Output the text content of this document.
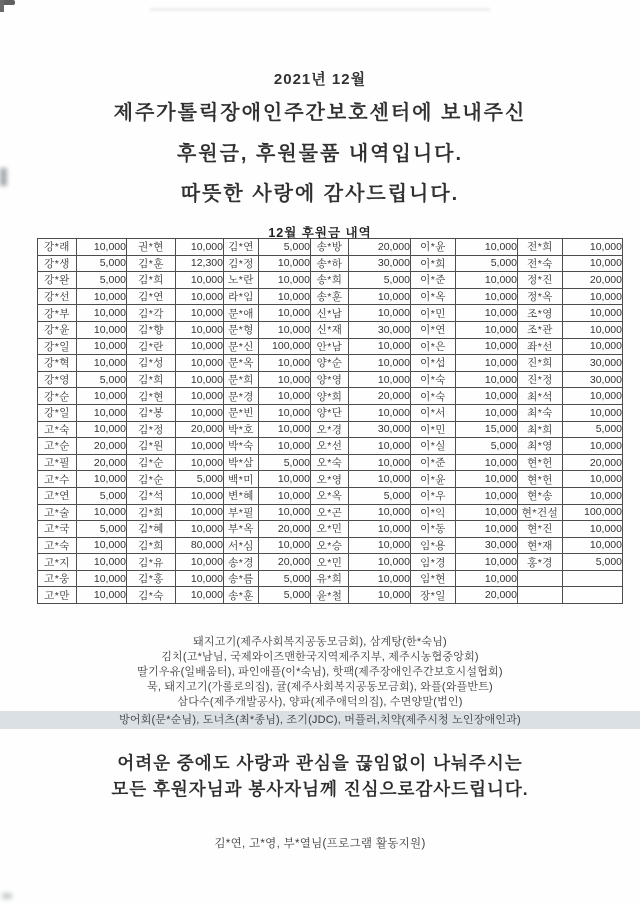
2021년 12월
제주가톨릭장애인주간보호센터에 보내주신
후원금, 후원물품 내역입니다.
따뜻한 사랑에 감사드립니다.
12월 후원금 내역
강*래	10,000	권*현	10,000	김*연	5,000	송*방	20,000	이*윤	10,000	전*희	10,000
강*생	5,000	김*훈	12,300	김*정	10,000	송*하	30,000	이*희	5,000	전*숙	10,000
강*완	5,000	김*희	10,000	노*란	10,000	송*희	5,000	이*준	10,000	정*진	20,000
강*선	10,000	김*연	10,000	라*임	10,000	송*훈	10,000	이*옥	10,000	정*옥	10,000
강*부	10,000	김*각	10,000	문*애	10,000	신*남	10,000	이*민	10,000	조*영	10,000
강*윤	10,000	김*향	10,000	문*형	10,000	신*재	30,000	이*연	10,000	조*관	10,000
강*일	10,000	김*란	10,000	문*신	100,000	안*남	10,000	이*은	10,000	좌*선	10,000
강*혁	10,000	김*성	10,000	문*옥	10,000	양*순	10,000	이*섭	10,000	진*희	30,000
강*영	5,000	김*희	10,000	문*희	10,000	양*영	10,000	이*숙	10,000	진*정	30,000
강*순	10,000	김*현	10,000	문*경	10,000	양*희	20,000	이*숙	10,000	최*석	10,000
강*일	10,000	김*봉	10,000	문*빈	10,000	양*단	10,000	이*서	10,000	최*숙	10,000
고*숙	10,000	김*정	20,000	박*호	10,000	오*경	30,000	이*민	15,000	최*희	5,000
고*순	20,000	김*원	10,000	박*숙	10,000	오*선	10,000	이*실	5,000	최*영	10,000
고*필	20,000	김*순	10,000	박*삼	5,000	오*숙	10,000	이*준	10,000	현*헌	20,000
고*수	10,000	김*순	5,000	백*미	10,000	오*영	10,000	이*윤	10,000	현*헌	10,000
고*연	5,000	김*석	10,000	변*혜	10,000	오*옥	5,000	이*우	10,000	현*송	10,000
고*술	10,000	김*희	10,000	부*필	10,000	오*곤	10,000	이*익	10,000	현*건설	100,000
고*국	5,000	김*혜	10,000	부*옥	20,000	오*민	10,000	이*동	10,000	현*진	10,000
고*숙	10,000	김*희	80,000	서*심	10,000	오*승	10,000	임*용	30,000	현*재	10,000
고*지	10,000	김*유	10,000	송*경	20,000	오*민	10,000	임*경	10,000	홍*경	5,000
고*웅	10,000	김*홍	10,000	송*름	5,000	유*희	10,000	임*현	10,000		
고*만	10,000	김*숙	10,000	송*훈	5,000	윤*철	10,000	장*일	20,000		
돼지고기(제주사회복지공동모금회), 삼계탕(한*숙님)
김치(고*남님, 국제와이즈맨한국지역제주지부, 제주시농협중앙회)
딸기우유(일배움터), 파인애플(이*숙님), 핫팩(제주장애인주간보호시설협회)
묵, 돼지고기(가롤로의집), 귤(제주사회복지공동모금회), 와플(와플반트)
삼다수(제주개발공사), 양파(제주애덕의집), 수면양말(법인)
방어회(문*순님), 도너츠(최*종님), 조기(JDC), 머플러,치약(제주시청 노인장애인과)
어려운 중에도 사랑과 관심을 끊임없이 나눠주시는
모든 후원자님과 봉사자님께 진심으로감사드립니다.
김*연, 고*영, 부*열님(프로그램 활동지원)
